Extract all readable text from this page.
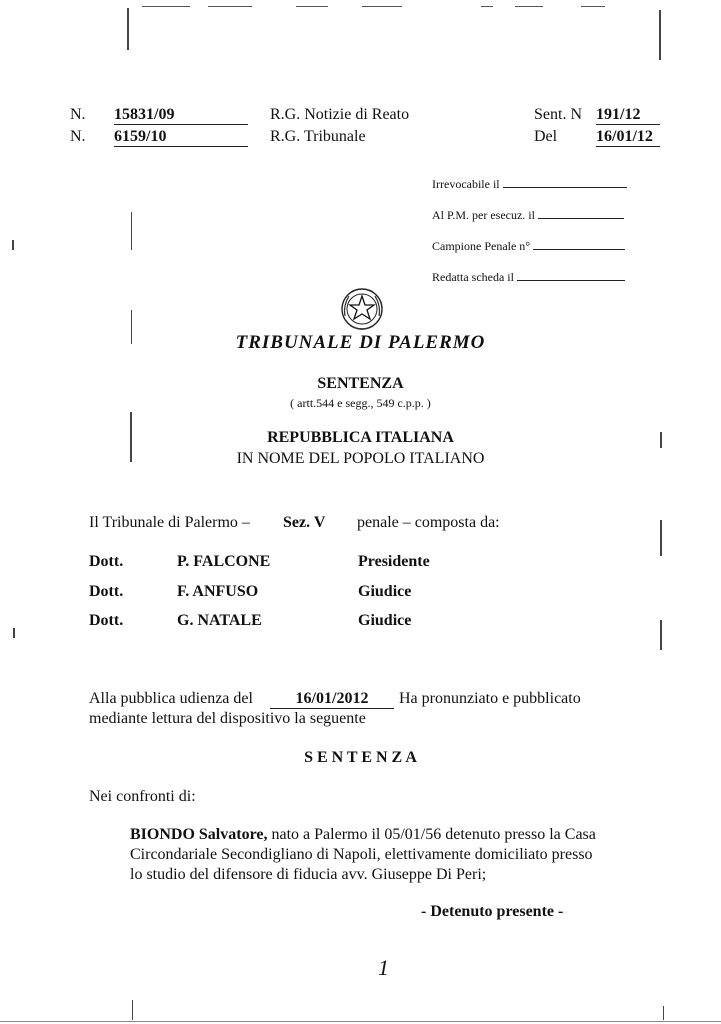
N. 15831/09	R.G. Notizie di Reato	Sent. N 191/12
N. 6159/10	R.G. Tribunale	Del 16/01/12
Irrevocabile il
Al P.M. per esecuz. il
Campione Penale n°
Redatta scheda il
TRIBUNALE DI PALERMO
SENTENZA
( artt.544 e segg., 549 c.p.p. )
REPUBBLICA ITALIANA
IN NOME DEL POPOLO ITALIANO
Il Tribunale di Palermo – Sez. V penale – composta da:
Dott.	P. FALCONE	Presidente
Dott.	F. ANFUSO	Giudice
Dott.	G. NATALE	Giudice
Alla pubblica udienza del	16/01/2012	Ha pronunziato e pubblicato
mediante lettura del dispositivo la seguente
S E N T E N Z A
Nei confronti di:
BIONDO Salvatore, nato a Palermo il 05/01/56 detenuto presso la Casa
Circondariale Secondigliano di Napoli, elettivamente domiciliato presso
lo studio del difensore di fiducia avv. Giuseppe Di Peri;
- Detenuto presente -
1
